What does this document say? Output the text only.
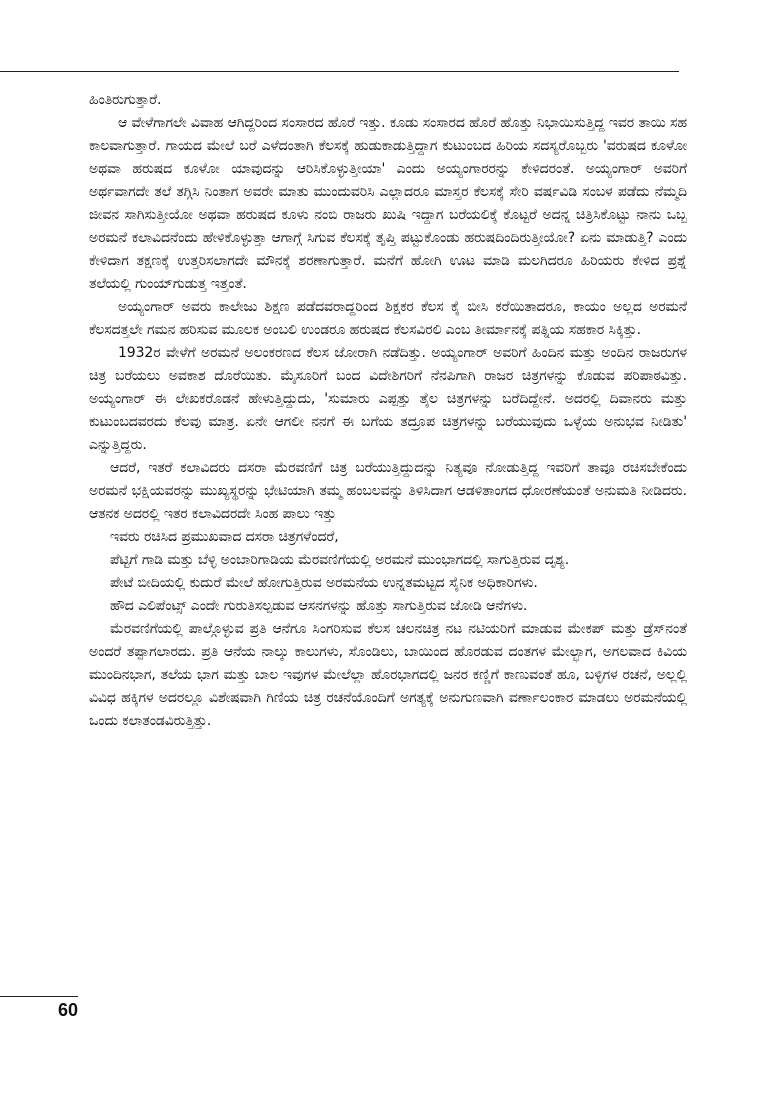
ಹಿಂತಿರುಗುತ್ತಾರೆ.

ಆ ವೇಳೆಗಾಗಲೇ ವಿವಾಹ ಆಗಿದ್ದರಿಂದ ಸಂಸಾರದ ಹೊರೆ ಇತ್ತು. ಕೂಡು ಸಂಸಾರದ ಹೊರೆ ಹೊತ್ತು ನಿಭಾಯಿಸುತ್ತಿದ್ದ ಇವರ ತಾಯಿ ಸಹ ಕಾಲವಾಗುತ್ತಾರೆ. ಗಾಯದ ಮೇಲೆ ಬರೆ ಎಳೆದಂತಾಗಿ ಕೆಲಸಕ್ಕೆ ಹುಡುಕಾಡುತ್ತಿದ್ದಾಗ ಕುಟುಂಬದ ಹಿರಿಯ ಸದಸ್ಯರೊಬ್ಬರು 'ವರುಷದ ಕೂಳೋ ಅಥವಾ ಹರುಷದ ಕೂಳೋ ಯಾವುದನ್ನು ಆರಿಸಿಕೊಳ್ಳುತ್ತೀಯಾ' ಎಂದು ಅಯ್ಯಂಗಾರರನ್ನು ಕೇಳಿದರಂತೆ. ಅಯ್ಯಂಗಾರ್ ಅವರಿಗೆ ಅರ್ಥವಾಗದೇ ತಲೆ ತಗ್ಗಿಸಿ ನಿಂತಾಗ ಅವರೇ ಮಾತು ಮುಂದುವರಿಸಿ ಎಲ್ಲಾದರೂ ಮಾಸ್ತರ ಕೆಲಸಕ್ಕೆ ಸೇರಿ ವರ್ಷವಿಡಿ ಸಂಬಳ ಪಡೆದು ನೆಮ್ಮದಿ ಜೀವನ ಸಾಗಿಸುತ್ತೀಯೋ ಅಥವಾ ಹರುಷದ ಕೂಳು ನಂಬಿ ರಾಜರು ಖುಷಿ ಇದ್ದಾಗ ಬರೆಯಲಿಕ್ಕೆ ಕೊಟ್ಟರೆ ಅದನ್ನ ಚಿತ್ರಿಸಿಕೊಟ್ಟು ನಾನು ಒಬ್ಬ ಅರಮನೆ ಕಲಾವಿದನೆಂದು ಹೇಳಿಕೊಳ್ಳುತ್ತಾ ಆಗಾಗ್ಗೆ ಸಿಗುವ ಕೆಲಸಕ್ಕೆ ತೃಪ್ತಿ ಪಟ್ಟುಕೊಂಡು ಹರುಷದಿಂದಿರುತ್ತೀಯೋ? ಏನು ಮಾಡುತ್ತಿ? ಎಂದು ಕೇಳಿದಾಗ ತಕ್ಷಣಕ್ಕೆ ಉತ್ತರಿಸಲಾಗದೇ ಮೌನಕ್ಕೆ ಶರಣಾಗುತ್ತಾರೆ. ಮನೆಗೆ ಹೋಗಿ ಊಟ ಮಾಡಿ ಮಲಗಿದರೂ ಹಿರಿಯರು ಕೇಳಿದ ಪ್ರಶ್ನೆ ತಲೆಯಲ್ಲಿ ಗುಂಯ್‌ಗುಡುತ್ತ ಇತ್ತಂತೆ.

ಅಯ್ಯಂಗಾರ್ ಅವರು ಕಾಲೇಜು ಶಿಕ್ಷಣ ಪಡೆದವರಾದ್ದರಿಂದ ಶಿಕ್ಷಕರ ಕೆಲಸ ಕೈ ಬೀಸಿ ಕರೆಯಿತಾದರೂ, ಕಾಯಂ ಅಲ್ಲದ ಅರಮನೆ ಕೆಲಸದತ್ತಲೇ ಗಮನ ಹರಿಸುವ ಮೂಲಕ ಅಂಬಲಿ ಉಂಡರೂ ಹರುಷದ ಕೆಲಸವಿರಲಿ ಎಂಬ ತೀರ್ಮಾನಕ್ಕೆ ಪತ್ನಿಯ ಸಹಕಾರ ಸಿಕ್ಕಿತ್ತು.

1932ರ ವೇಳೆಗೆ ಅರಮನೆ ಅಲಂಕರಣದ ಕೆಲಸ ಜೋರಾಗಿ ನಡೆದಿತ್ತು. ಅಯ್ಯಂಗಾರ್ ಅವರಿಗೆ ಹಿಂದಿನ ಮತ್ತು ಅಂದಿನ ರಾಜರುಗಳ ಚಿತ್ರ ಬರೆಯಲು ಅವಕಾಶ ದೊರೆಯಿತು. ಮೈಸೂರಿಗೆ ಬಂದ ವಿದೇಶಿಗರಿಗೆ ನೆನಪಿಗಾಗಿ ರಾಜರ ಚಿತ್ರಗಳನ್ನು ಕೊಡುವ ಪರಿಪಾಠವಿತ್ತು. ಅಯ್ಯಂಗಾರ್ ಈ ಲೇಖಕರೊಡನೆ ಹೇಳುತ್ತಿದ್ದುದು, 'ಸುಮಾರು ಎಪ್ಪತ್ತು ತೈಲ ಚಿತ್ರಗಳನ್ನು ಬರೆದಿದ್ದೇನೆ. ಅದರಲ್ಲಿ ದಿವಾನರು ಮತ್ತು ಕುಟುಂಬದವರದು ಕೆಲವು ಮಾತ್ರ. ಏನೇ ಆಗಲೀ ನನಗೆ ಈ ಬಗೆಯ ತದ್ರೂಪ ಚಿತ್ರಗಳನ್ನು ಬರೆಯುವುದು ಒಳ್ಳೆಯ ಅನುಭವ ನೀಡಿತು' ಎನ್ನುತ್ತಿದ್ದರು.

ಆದರೆ, ಇತರೆ ಕಲಾವಿದರು ದಸರಾ ಮೆರವಣಿಗೆ ಚಿತ್ರ ಬರೆಯುತ್ತಿದ್ದುದನ್ನು ನಿತ್ಯವೂ ನೋಡುತ್ತಿದ್ದ ಇವರಿಗೆ ತಾವೂ ರಚಿಸಬೇಕೆಂದು ಅರಮನೆ ಭಕ್ಷಿಯವರನ್ನು ಮುಖ್ಯಸ್ಥರನ್ನು ಭೇಟಿಯಾಗಿ ತಮ್ಮ ಹಂಬಲವನ್ನು ತಿಳಿಸಿದಾಗ ಆಡಳಿತಾಂಗದ ಧೋರಣೆಯಂತೆ ಅನುಮತಿ ನೀಡಿದರು. ಆತನಕ ಅದರಲ್ಲಿ ಇತರ ಕಲಾವಿದರದೇ ಸಿಂಹ ಪಾಲು ಇತ್ತು

ಇವರು ರಚಿಸಿದ ಪ್ರಮುಖವಾದ ದಸರಾ ಚಿತ್ರಗಳೆಂದರೆ,

ಪೆಟ್ಟಿಗೆ ಗಾಡಿ ಮತ್ತು ಬೆಳ್ಳಿ ಅಂಬಾರಿಗಾಡಿಯ ಮೆರವಣಿಗೆಯಲ್ಲಿ ಅರಮನೆ ಮುಂಭಾಗದಲ್ಲಿ ಸಾಗುತ್ತಿರುವ ದೃಶ್ಯ.

ಪೇಟೆ ಬೀದಿಯಲ್ಲಿ ಕುದುರೆ ಮೇಲೆ ಹೋಗುತ್ತಿರುವ ಅರಮನೆಯ ಉನ್ನತಮಟ್ಟದ ಸೈನಿಕ ಅಧಿಕಾರಿಗಳು.

ಹೌದ ಎಲಿಪೆಂಟ್ಸ್ ಎಂದೇ ಗುರುತಿಸಲ್ಪಡುವ ಆಸನಗಳನ್ನು ಹೊತ್ತು ಸಾಗುತ್ತಿರುವ ಜೋಡಿ ಆನೆಗಳು.

ಮೆರವಣಿಗೆಯಲ್ಲಿ ಪಾಲ್ಗೊಳ್ಳುವ ಪ್ರತಿ ಆನೆಗೂ ಸಿಂಗರಿಸುವ ಕೆಲಸ ಚಲನಚಿತ್ರ ನಟ ನಟಿಯರಿಗೆ ಮಾಡುವ ಮೇಕಪ್ ಮತ್ತು ಡ್ರೆಸ್‌ನಂತೆ ಅಂದರೆ ತಪ್ಪಾಗಲಾರದು. ಪ್ರತಿ ಆನೆಯ ನಾಲ್ಕು ಕಾಲುಗಳು, ಸೊಂಡಿಲು, ಬಾಯಿಂದ ಹೊರಡುವ ದಂತಗಳ ಮೇಲ್ಭಾಗ, ಅಗಲವಾದ ಕಿವಿಯ ಮುಂದಿನಭಾಗ, ತಲೆಯ ಭಾಗ ಮತ್ತು ಬಾಲ ಇವುಗಳ ಮೇಲೆಲ್ಲಾ ಹೊರಭಾಗದಲ್ಲಿ ಜನರ ಕಣ್ಣಿಗೆ ಕಾಣುವಂತೆ ಹೂ, ಬಳ್ಳಿಗಳ ರಚನೆ, ಅಲ್ಲಲ್ಲಿ ವಿವಿಧ ಹಕ್ಕಿಗಳ ಅದರಲ್ಲೂ ವಿಶೇಷವಾಗಿ ಗಿಣಿಯ ಚಿತ್ರ ರಚನೆಯೊಂದಿಗೆ ಅಗತ್ಯಕ್ಕೆ ಅನುಗುಣವಾಗಿ ವರ್ಣಾಲಂಕಾರ ಮಾಡಲು ಅರಮನೆಯಲ್ಲಿ ಒಂದು ಕಲಾತಂಡವಿರುತ್ತಿತ್ತು.

60
